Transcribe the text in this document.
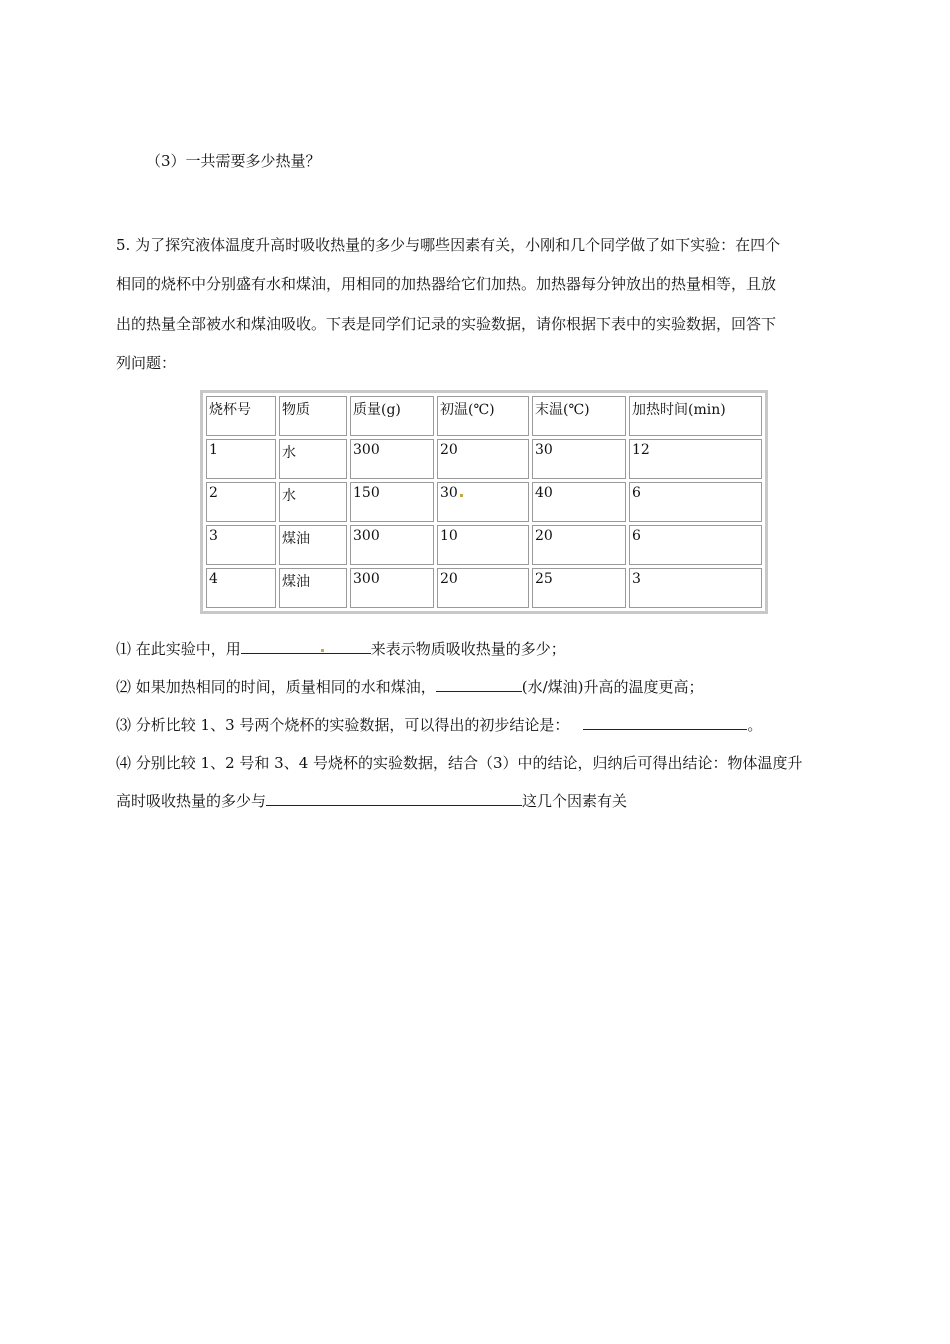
（3）一共需要多少热量？
5. 为了探究液体温度升高时吸收热量的多少与哪些因素有关，小刚和几个同学做了如下实验：在四个
相同的烧杯中分别盛有水和煤油，用相同的加热器给它们加热。加热器每分钟放出的热量相等，且放
出的热量全部被水和煤油吸收。下表是同学们记录的实验数据，请你根据下表中的实验数据，回答下
列问题：
烧杯号	物质	质量(g)	初温(℃)	末温(℃)	加热时间(min)
1	水	300	20	30	12
2	水	150	30	40	6
3	煤油	300	10	20	6
4	煤油	300	20	25	3
⑴ 在此实验中，用	来表示物质吸收热量的多少；
⑵ 如果加热相同的时间，质量相同的水和煤油，	(水/煤油)升高的温度更高；
⑶ 分析比较 1、3 号两个烧杯的实验数据，可以得出的初步结论是：	。
⑷ 分别比较 1、2 号和 3、4 号烧杯的实验数据，结合（3）中的结论，归纳后可得出结论：物体温度升
高时吸收热量的多少与	这几个因素有关
